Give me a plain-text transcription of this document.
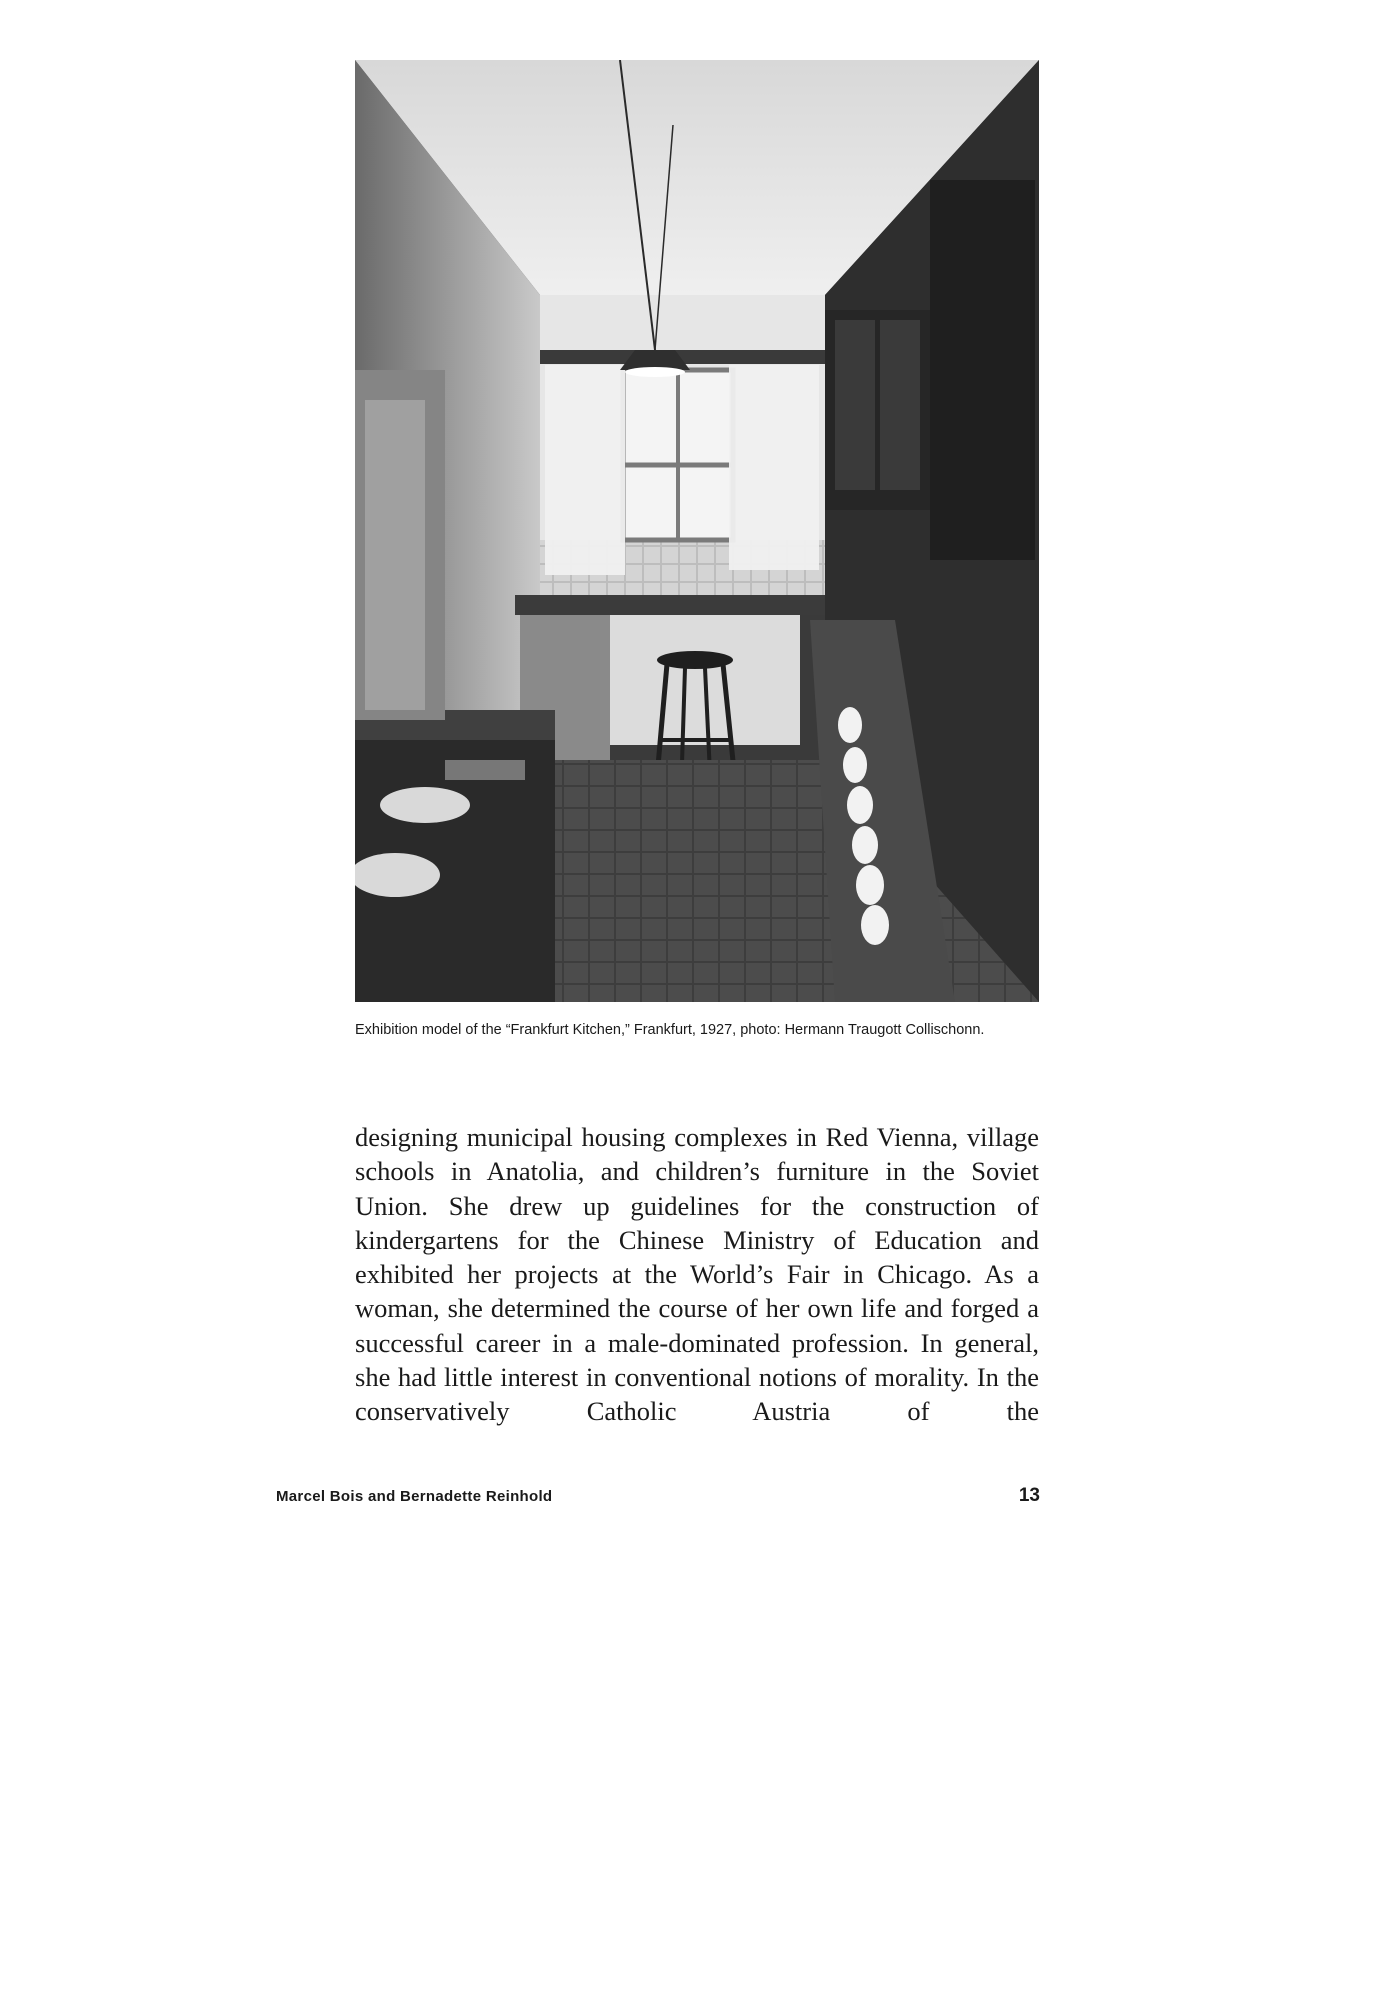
Exhibition model of the “Frankfurt Kitchen,” Frankfurt, 1927, photo: Hermann Traugott Collischonn.

designing municipal housing complexes in Red Vienna, village schools in Anatolia, and children’s furniture in the Soviet Union. She drew up guidelines for the construction of kindergartens for the Chinese Ministry of Education and exhibited her projects at the World’s Fair in Chicago. As a woman, she determined the course of her own life and forged a successful career in a male-dominated profession. In general, she had little interest in conventional notions of morality. In the conservatively Catholic Austria of the

Marcel Bois and Bernadette Reinhold	13
